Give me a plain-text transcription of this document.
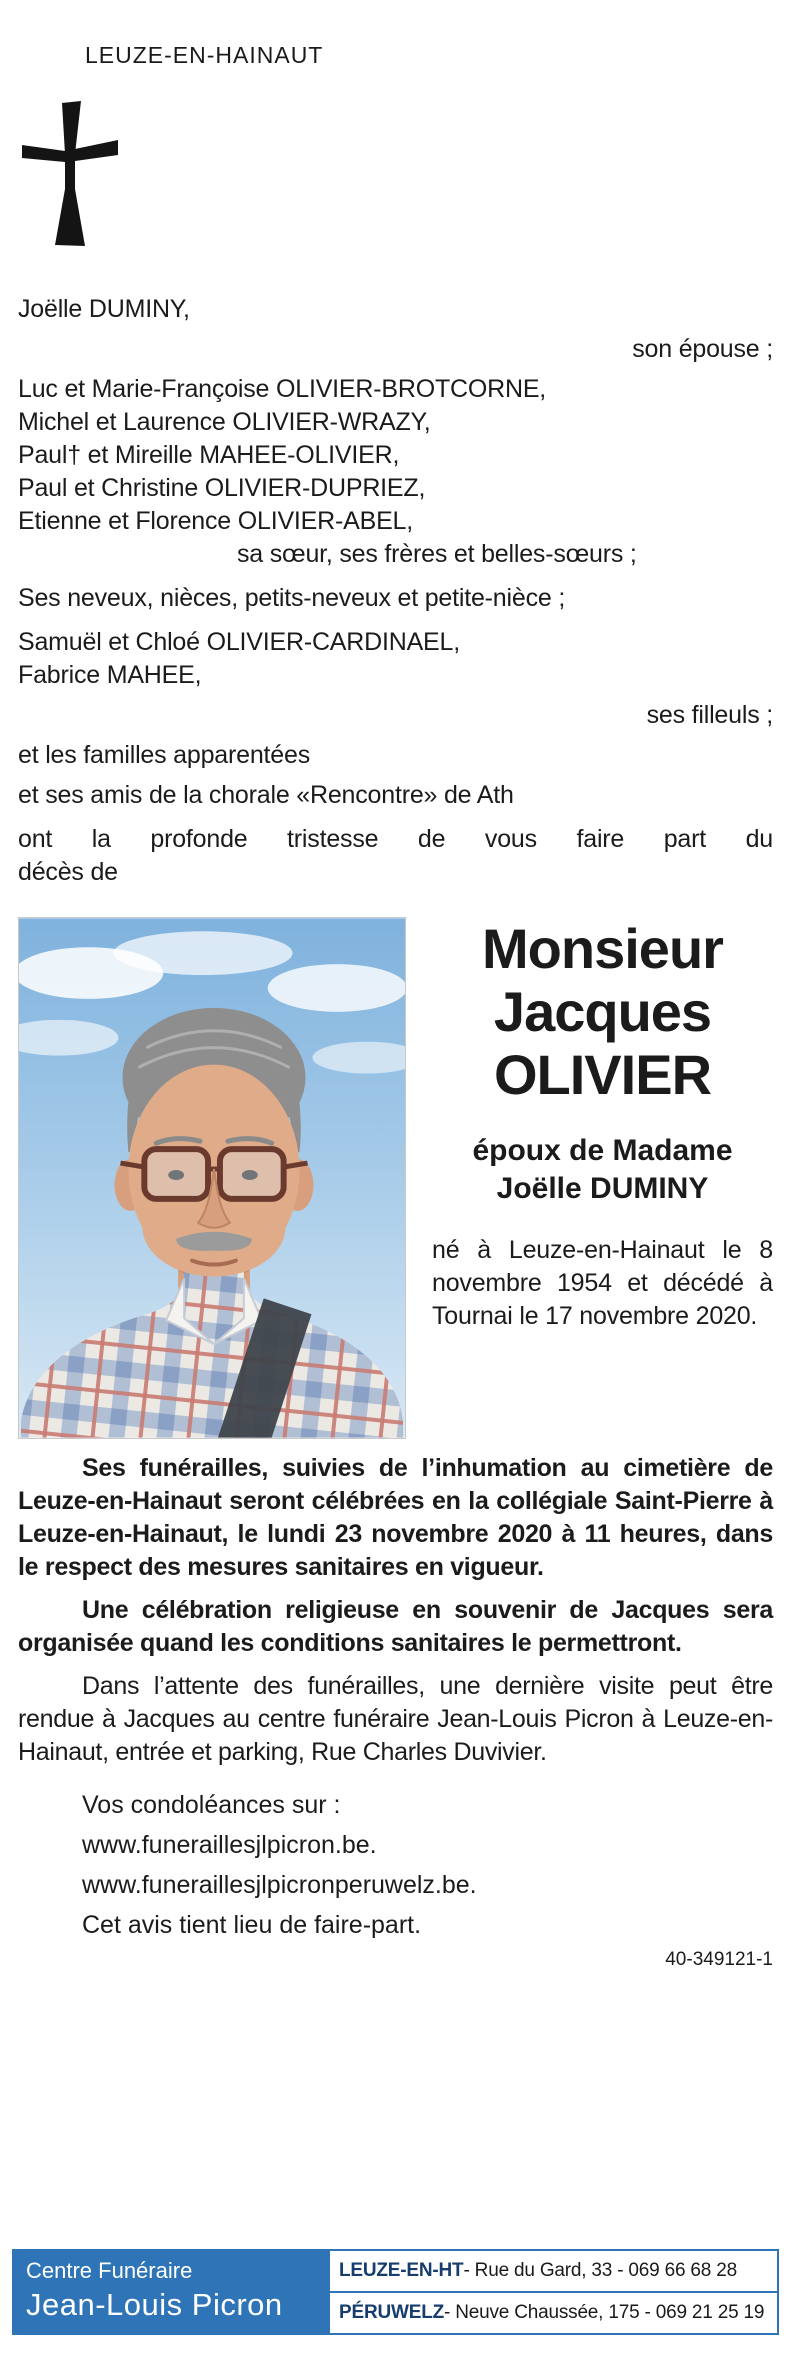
LEUZE-EN-HAINAUT
Joëlle DUMINY,
son épouse ;
Luc et Marie-Françoise OLIVIER-BROTCORNE,
Michel et Laurence OLIVIER-WRAZY,
Paul† et Mireille MAHEE-OLIVIER,
Paul et Christine OLIVIER-DUPRIEZ,
Etienne et Florence OLIVIER-ABEL,
sa sœur, ses frères et belles-sœurs ;
Ses neveux, nièces, petits-neveux et petite-nièce ;
Samuël et Chloé OLIVIER-CARDINAEL,
Fabrice MAHEE,
ses filleuls ;
et les familles apparentées
et ses amis de la chorale «Rencontre» de Ath
ont la profonde tristesse de vous faire part du
décès de
Monsieur
Jacques
OLIVIER
époux de Madame
Joëlle DUMINY
né à Leuze-en-Hainaut le 8 novembre 1954 et décédé à Tournai le 17 novembre 2020.

Ses funérailles, suivies de l’inhumation au cimetière de Leuze-en-Hainaut seront célébrées en la collégiale Saint-Pierre à Leuze-en-Hainaut, le lundi 23 novembre 2020 à 11 heures, dans le respect des mesures sanitaires en vigueur.

Une célébration religieuse en souvenir de Jacques sera organisée quand les conditions sanitaires le permettront.

Dans l’attente des funérailles, une dernière visite peut être rendue à Jacques au centre funéraire Jean-Louis Picron à Leuze-en-Hainaut, entrée et parking, Rue Charles Duvivier.

Vos condoléances sur :
www.funeraillesjlpicron.be.
www.funeraillesjlpicronperuwelz.be.
Cet avis tient lieu de faire-part.
40-349121-1
Centre Funéraire
Jean-Louis Picron
LEUZE-EN-HT - Rue du Gard, 33 - 069 66 68 28
PÉRUWELZ - Neuve Chaussée, 175 - 069 21 25 19
